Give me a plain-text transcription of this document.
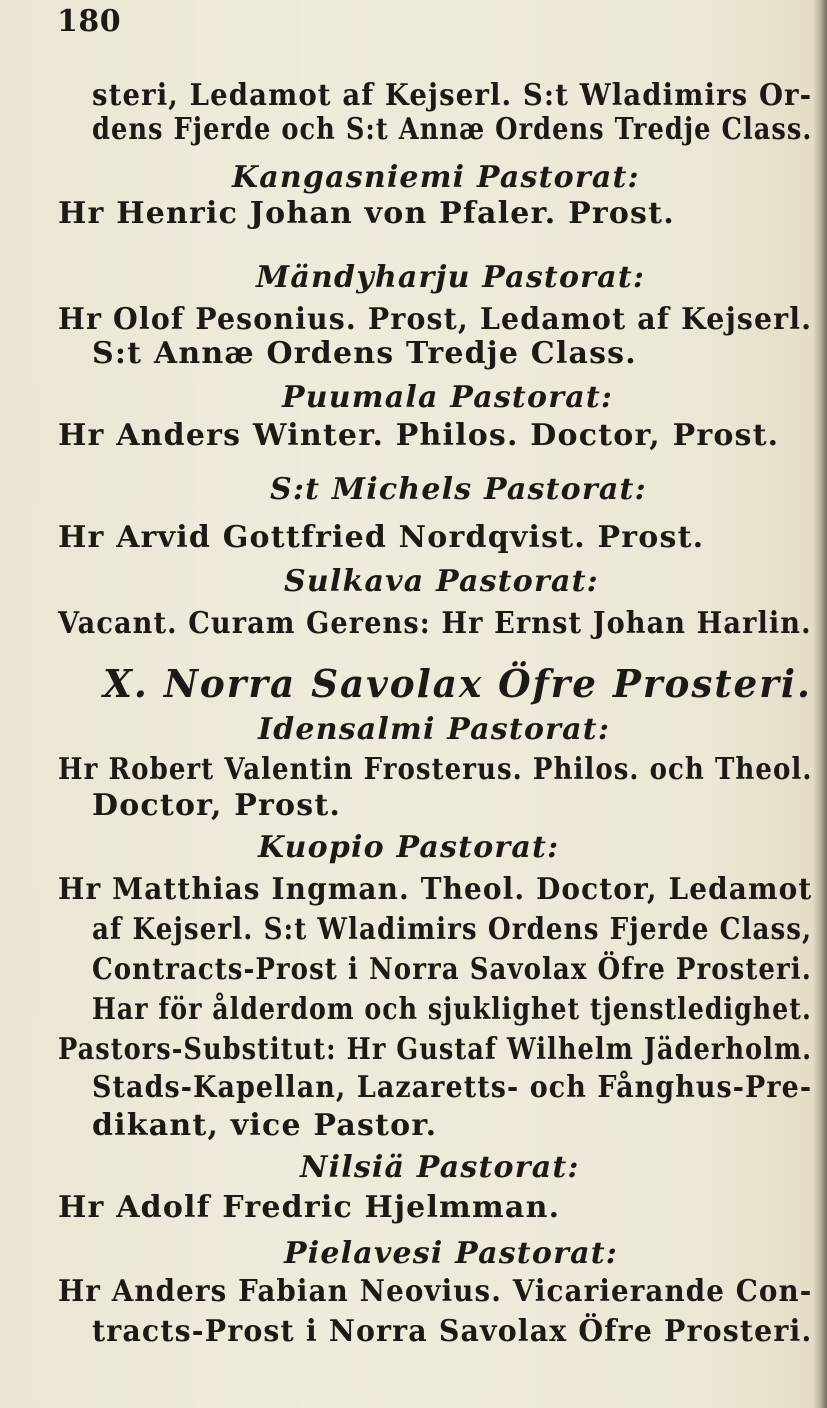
180
steri, Ledamot af Kejserl. S:t Wladimirs Or-
dens Fjerde och S:t Annæ Ordens Tredje Class.
Kangasniemi Pastorat:
Hr Henric Johan von Pfaler. Prost.
Mändyharju Pastorat:
Hr Olof Pesonius. Prost, Ledamot af Kejserl.
S:t Annæ Ordens Tredje Class.
Puumala Pastorat:
Hr Anders Winter. Philos. Doctor, Prost.
S:t Michels Pastorat:
Hr Arvid Gottfried Nordqvist. Prost.
Sulkava Pastorat:
Vacant. Curam Gerens: Hr Ernst Johan Harlin.
X. Norra Savolax Öfre Prosteri.
Idensalmi Pastorat:
Hr Robert Valentin Frosterus. Philos. och Theol.
Doctor, Prost.
Kuopio Pastorat:
Hr Matthias Ingman. Theol. Doctor, Ledamot
af Kejserl. S:t Wladimirs Ordens Fjerde Class,
Contracts-Prost i Norra Savolax Öfre Prosteri.
Har för ålderdom och sjuklighet tjenstledighet.
Pastors-Substitut: Hr Gustaf Wilhelm Jäderholm.
Stads-Kapellan, Lazaretts- och Fånghus-Pre-
dikant, vice Pastor.
Nilsiä Pastorat:
Hr Adolf Fredric Hjelmman.
Pielavesi Pastorat:
Hr Anders Fabian Neovius. Vicarierande Con-
tracts-Prost i Norra Savolax Öfre Prosteri.
